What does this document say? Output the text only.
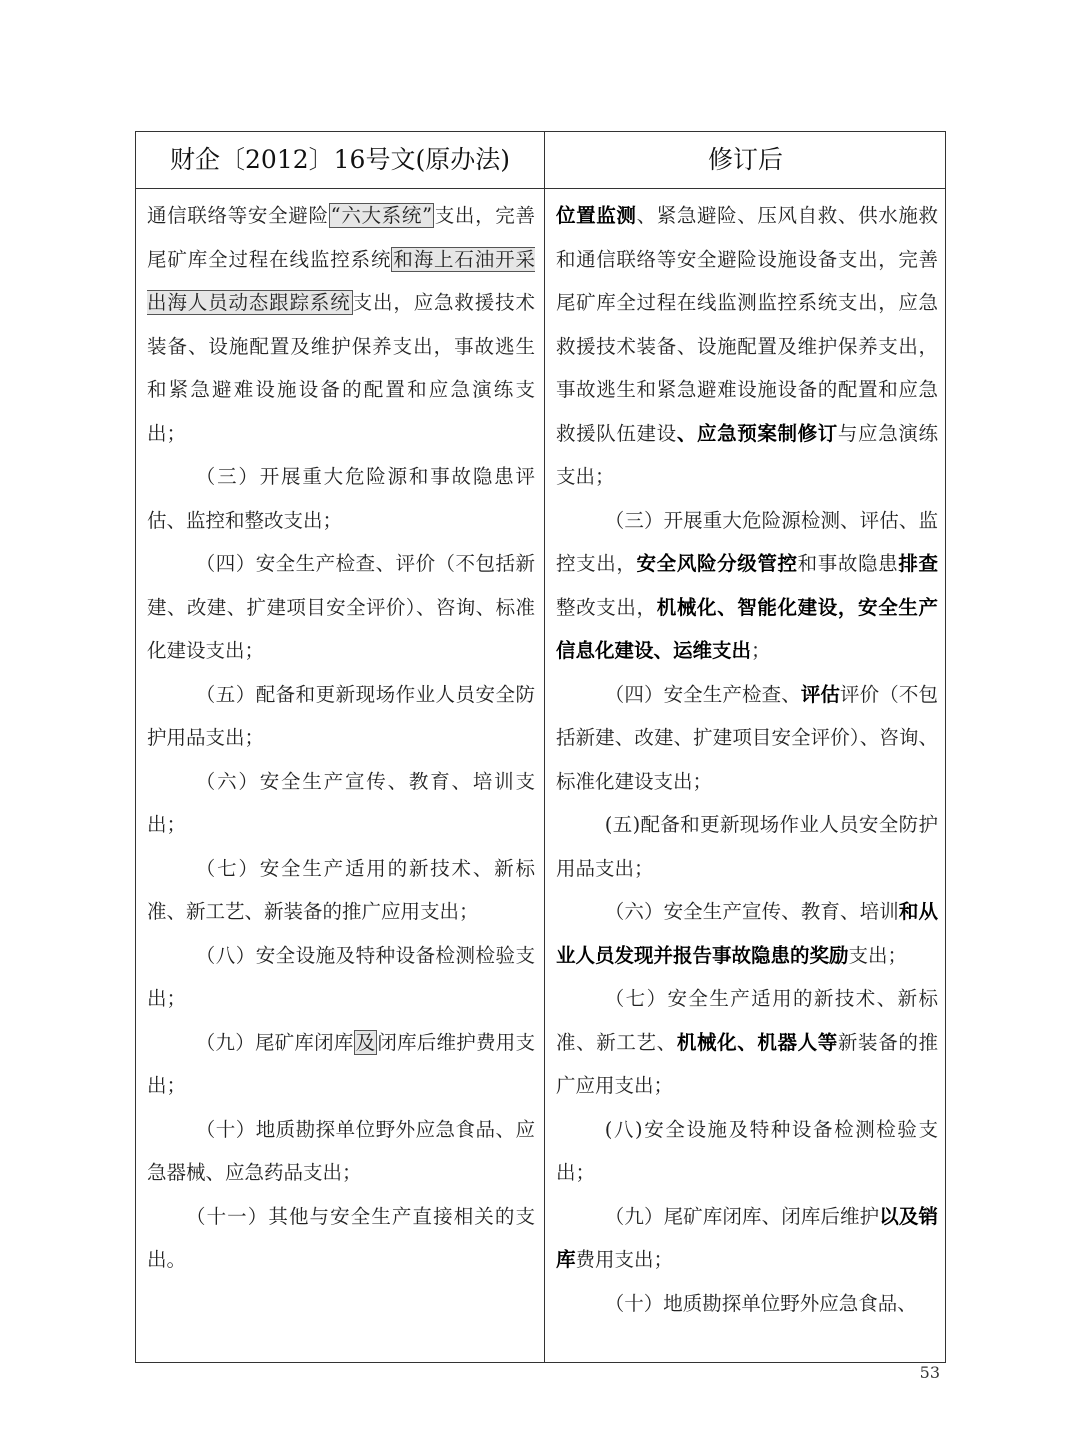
财企〔2012〕16号文(原办法)	修订后

通信联络等安全避险 “六大系统” 支出，完善尾矿库全过程在线监控系统 和海上石油开采出海人员动态跟踪系统 支出，应急救援技术装备、设施配置及维护保养支出，事故逃生和紧急避难设施设备的配置和应急演练支出；

（三）开展重大危险源和事故隐患评估、监控和整改支出；

（四）安全生产检查、评价（不包括新建、改建、扩建项目安全评价）、咨询、标准化建设支出；

（五）配备和更新现场作业人员安全防护用品支出；

（六）安全生产宣传、教育、培训支出；

（七）安全生产适用的新技术、新标准、新工艺、新装备的推广应用支出；

（八）安全设施及特种设备检测检验支出；

（九）尾矿库闭库 及 闭库后维护费用支出；

（十）地质勘探单位野外应急食品、应急器械、应急药品支出；

（十一）其他与安全生产直接相关的支出。

位置监测、紧急避险、压风自救、供水施救和通信联络等安全避险设施设备支出，完善尾矿库全过程在线监测监控系统支出，应急救援技术装备、设施配置及维护保养支出，事故逃生和紧急避难设施设备的配置和应急救援队伍建设、应急预案制修订与应急演练支出；

（三）开展重大危险源检测、评估、监控支出，安全风险分级管控和事故隐患排查整改支出，机械化、智能化建设，安全生产信息化建设、运维支出；

（四）安全生产检查、评估评价（不包括新建、改建、扩建项目安全评价）、咨询、标准化建设支出；

(五)配备和更新现场作业人员安全防护用品支出；

（六）安全生产宣传、教育、培训和从业人员发现并报告事故隐患的奖励支出；

（七）安全生产适用的新技术、新标准、新工艺、机械化、机器人等新装备的推广应用支出；

(八)安全设施及特种设备检测检验支出；

（九）尾矿库闭库、闭库后维护以及销库费用支出；

（十）地质勘探单位野外应急食品、

53
